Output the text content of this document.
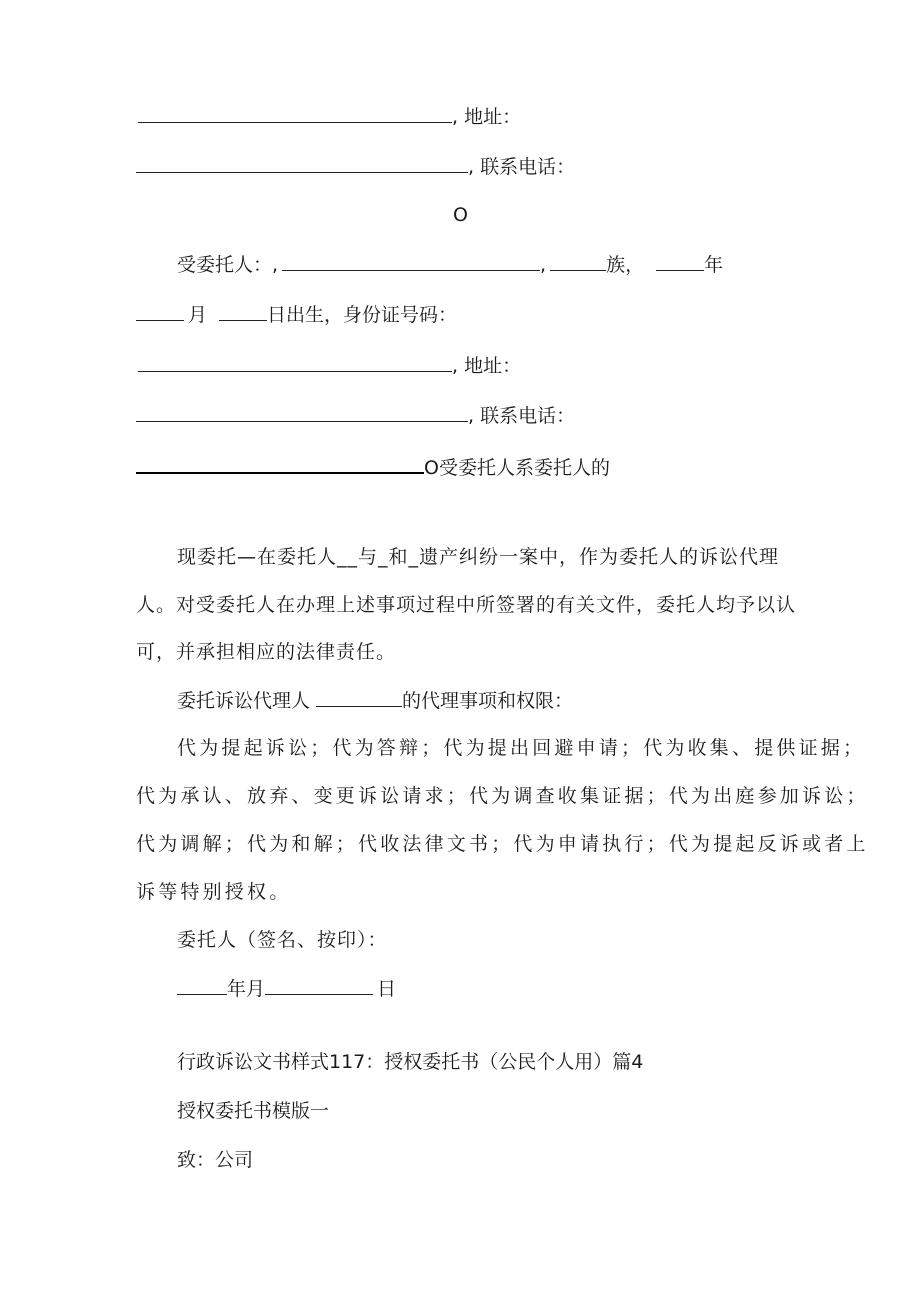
, 地址：
, 联系电话：
O
受委托人：,	,	族，	年
月	日出生，身份证号码：
, 地址：
, 联系电话：
O受委托人系委托人的
现委托—在委托人__与_和_遗产纠纷一案中，作为委托人的诉讼代理
人。对受委托人在办理上述事项过程中所签署的有关文件，委托人均予以认
可，并承担相应的法律责任。
委托诉讼代理人	的代理事项和权限：
代为提起诉讼；代为答辩；代为提出回避申请；代为收集、提供证据；
代为承认、放弃、变更诉讼请求；代为调查收集证据；代为出庭参加诉讼；
代为调解；代为和解；代收法律文书；代为申请执行；代为提起反诉或者上
诉等特别授权。
委托人（签名、按印）：
年月	日
行政诉讼文书样式117：授权委托书（公民个人用）篇4
授权委托书模版一
致：公司
